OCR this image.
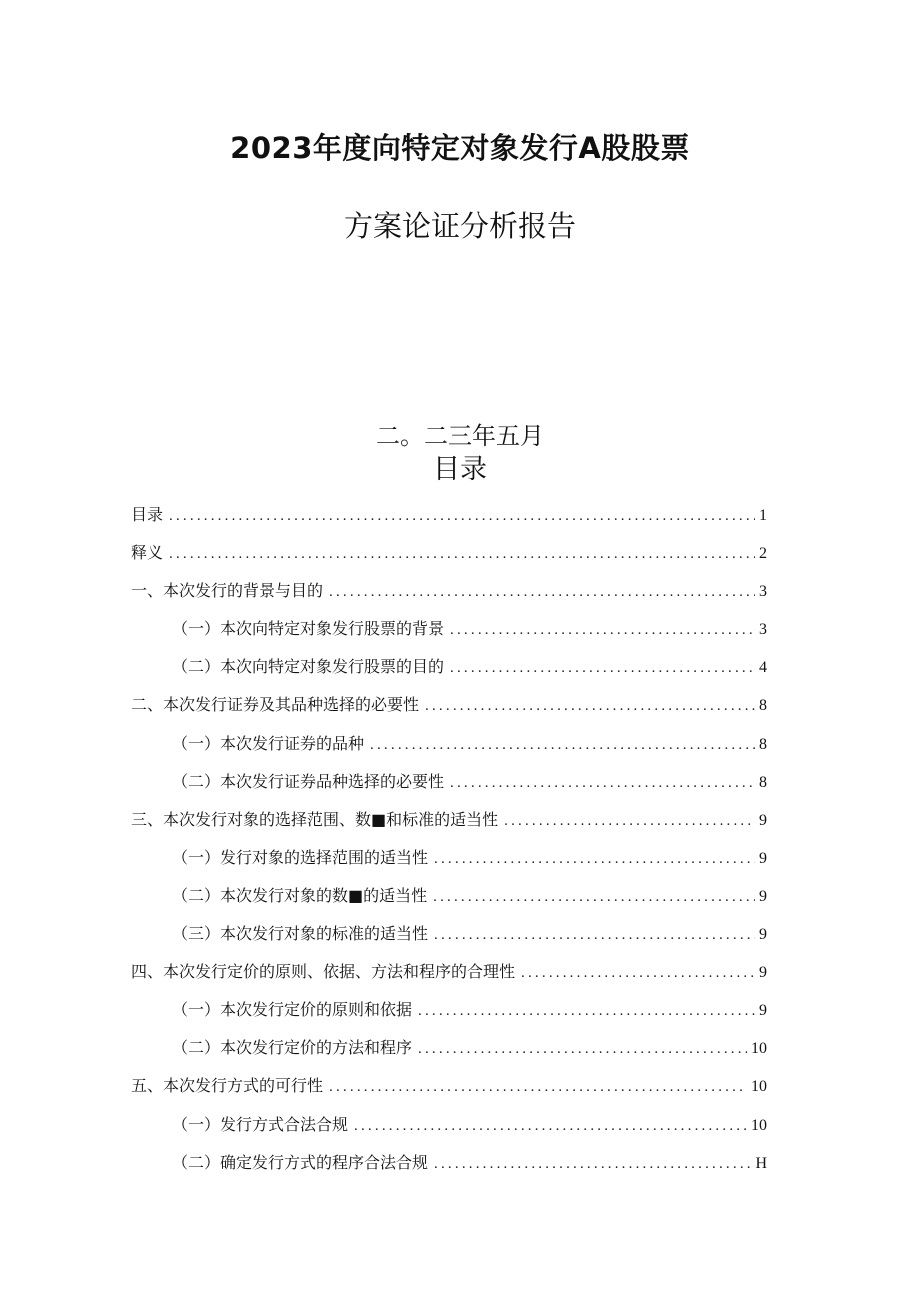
2023年度向特定对象发行A股股票
方案论证分析报告
二。二三年五月
目录
目录 .....	1
释义 .....	2
一、本次发行的背景与目的 .....	3
（一）本次向特定对象发行股票的背景 .....	3
（二）本次向特定对象发行股票的目的 .....	4
二、本次发行证券及其品种选择的必要性 .....	8
（一）本次发行证券的品种 .....	8
（二）本次发行证券品种选择的必要性 .....	8
三、本次发行对象的选择范围、数■和标准的适当性 .....	9
（一）发行对象的选择范围的适当性 .....	9
（二）本次发行对象的数■的适当性 .....	9
（三）本次发行对象的标准的适当性 .....	9
四、本次发行定价的原则、依据、方法和程序的合理性 .....	9
（一）本次发行定价的原则和依据 .....	9
（二）本次发行定价的方法和程序 .....	10
五、本次发行方式的可行性 .....	10
（一）发行方式合法合规 .....	10
（二）确定发行方式的程序合法合规 .....	H
